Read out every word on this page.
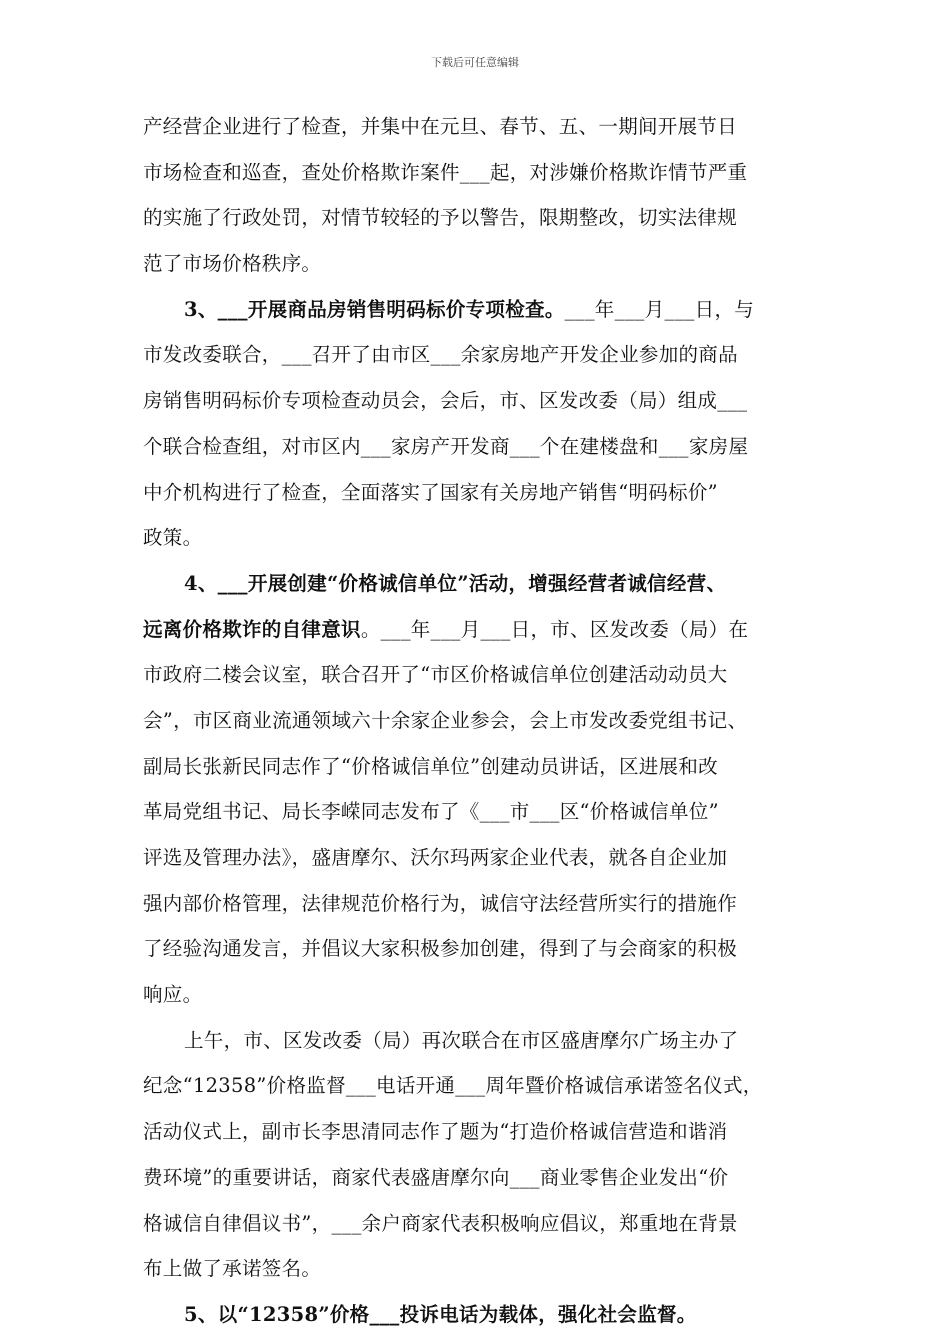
下载后可任意编辑
产经营企业进行了检查，并集中在元旦、春节、五、一期间开展节日
市场检查和巡查，查处价格欺诈案件___起，对涉嫌价格欺诈情节严重
的实施了行政处罚，对情节较轻的予以警告，限期整改，切实法律规
范了市场价格秩序。
3、___开展商品房销售明码标价专项检查。___年___月___日，与
市发改委联合，___召开了由市区___余家房地产开发企业参加的商品
房销售明码标价专项检查动员会，会后，市、区发改委（局）组成___
个联合检查组，对市区内___家房产开发商___个在建楼盘和___家房屋
中介机构进行了检查，全面落实了国家有关房地产销售“明码标价”
政策。
4、___开展创建“价格诚信单位”活动，增强经营者诚信经营、
远离价格欺诈的自律意识。___年___月___日，市、区发改委（局）在
市政府二楼会议室，联合召开了“市区价格诚信单位创建活动动员大
会”，市区商业流通领域六十余家企业参会，会上市发改委党组书记、
副局长张新民同志作了“价格诚信单位”创建动员讲话，区进展和改
革局党组书记、局长李嵘同志发布了《___市___区“价格诚信单位”
评选及管理办法》，盛唐摩尔、沃尔玛两家企业代表，就各自企业加
强内部价格管理，法律规范价格行为，诚信守法经营所实行的措施作
了经验沟通发言，并倡议大家积极参加创建，得到了与会商家的积极
响应。
上午，市、区发改委（局）再次联合在市区盛唐摩尔广场主办了
纪念“12358”价格监督___电话开通___周年暨价格诚信承诺签名仪式，
活动仪式上，副市长李思清同志作了题为“打造价格诚信营造和谐消
费环境”的重要讲话，商家代表盛唐摩尔向___商业零售企业发出“价
格诚信自律倡议书”，___余户商家代表积极响应倡议，郑重地在背景
布上做了承诺签名。
5、以“12358”价格___投诉电话为载体，强化社会监督。
